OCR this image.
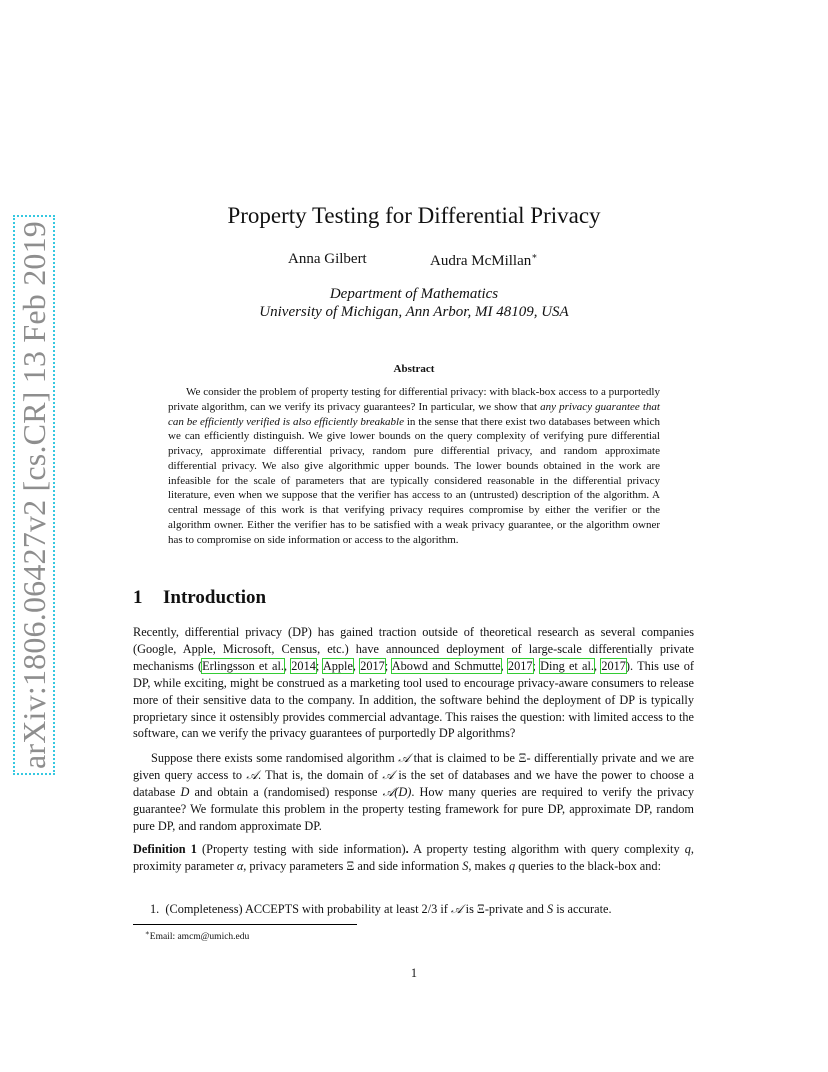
arXiv:1806.06427v2 [cs.CR] 13 Feb 2019
Property Testing for Differential Privacy
Anna Gilbert	Audra McMillan∗
Department of Mathematics
University of Michigan, Ann Arbor, MI 48109, USA
Abstract

We consider the problem of property testing for differential privacy: with black-box access to a purportedly private algorithm, can we verify its privacy guarantees? In particular, we show that any privacy guarantee that can be efficiently verified is also efficiently breakable in the sense that there exist two databases between which we can efficiently distinguish. We give lower bounds on the query complexity of verifying pure differential privacy, approximate differential privacy, random pure differential privacy, and random approximate differential privacy. We also give algorithmic upper bounds. The lower bounds obtained in the work are infeasible for the scale of parameters that are typically considered reasonable in the differential privacy literature, even when we suppose that the verifier has access to an (untrusted) description of the algorithm. A central message of this work is that verifying privacy requires compromise by either the verifier or the algorithm owner. Either the verifier has to be satisfied with a weak privacy guarantee, or the algorithm owner has to compromise on side information or access to the algorithm.

1 Introduction

Recently, differential privacy (DP) has gained traction outside of theoretical research as several companies (Google, Apple, Microsoft, Census, etc.) have announced deployment of large-scale differentially private mechanisms (Erlingsson et al., 2014; Apple, 2017; Abowd and Schmutte, 2017; Ding et al., 2017). This use of DP, while exciting, might be construed as a marketing tool used to encourage privacy-aware consumers to release more of their sensitive data to the company. In addition, the software behind the deployment of DP is typically proprietary since it ostensibly provides commercial advantage. This raises the question: with limited access to the software, can we verify the privacy guarantees of purportedly DP algorithms?

Suppose there exists some randomised algorithm 𝒜 that is claimed to be Ξ- differentially private and we are given query access to 𝒜. That is, the domain of 𝒜 is the set of databases and we have the power to choose a database D and obtain a (randomised) response 𝒜(D). How many queries are required to verify the privacy guarantee? We formulate this problem in the property testing framework for pure DP, approximate DP, random pure DP, and random approximate DP.

Definition 1 (Property testing with side information). A property testing algorithm with query complexity q, proximity parameter α, privacy parameters Ξ and side information S, makes q queries to the black-box and:

1. (Completeness) ACCEPTS with probability at least 2/3 if 𝒜 is Ξ-private and S is accurate.
∗Email: amcm@umich.edu
1
